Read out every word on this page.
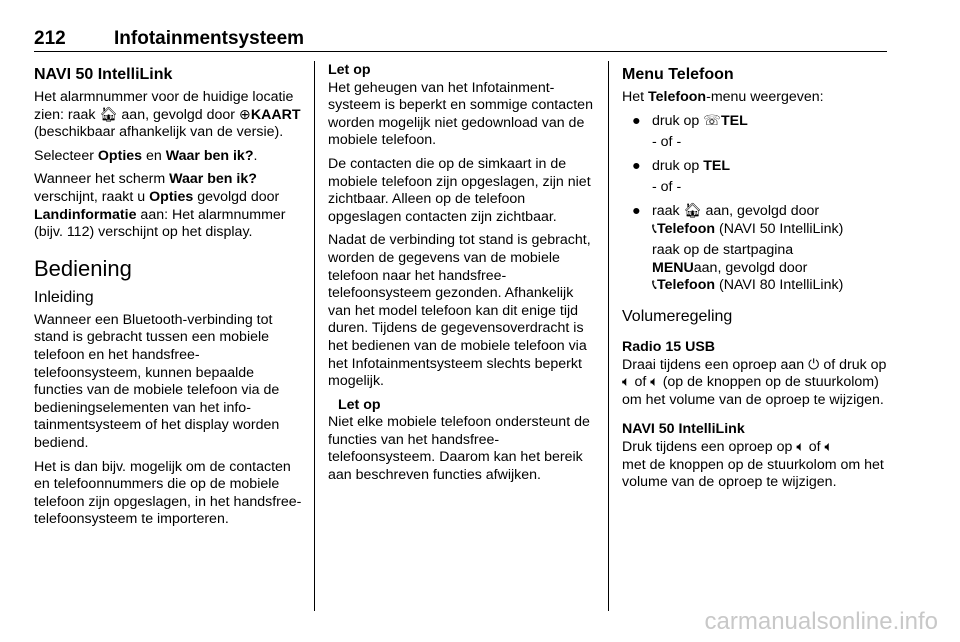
212	Infotainmentsysteem
NAVI 50 IntelliLink

Het alarmnummer voor de huidige locatie zien: raak 🏠︎ aan, gevolgd door ⊕KAART (beschikbaar afhankelijk van de versie).

Selecteer Opties en Waar ben ik?.

Wanneer het scherm Waar ben ik? verschijnt, raakt u Opties gevolgd door Landinformatie aan: Het alarmnummer (bijv. 112) verschijnt op het display.

Bediening
Inleiding

Wanneer een Bluetooth-verbinding tot stand is gebracht tussen een mobiele telefoon en het handsfree-telefoonsysteem, kunnen bepaalde functies van de mobiele telefoon via de bedieningselementen van het infotainmentsysteem of het display worden bediend.

Het is dan bijv. mogelijk om de contacten en telefoonnummers die op de mobiele telefoon zijn opgeslagen, in het handsfree-telefoonsysteem te importeren.

Let op

Het geheugen van het Infotainmentsysteem is beperkt en sommige contacten worden mogelijk niet gedownload van de mobiele telefoon.

De contacten die op de simkaart in de mobiele telefoon zijn opgeslagen, zijn niet zichtbaar. Alleen op de telefoon opgeslagen contacten zijn zichtbaar.

Nadat de verbinding tot stand is gebracht, worden de gegevens van de mobiele telefoon naar het handsfree-telefoonsysteem gezonden. Afhankelijk van het model telefoon kan dit enige tijd duren. Tijdens de gegevensoverdracht is het bedienen van de mobiele telefoon via het Infotainmentsysteem slechts beperkt mogelijk.

Let op

Niet elke mobiele telefoon ondersteunt de functies van het handsfree-telefoonsysteem. Daarom kan het bereik aan beschreven functies afwijken.

Menu Telefoon

Het Telefoon-menu weergeven:

● druk op ☏TEL

- of -

● druk op TEL

- of -

● raak 🏠︎ aan, gevolgd door
📞︎Telefoon (NAVI 50 IntelliLink)

raak op de startpagina
MENUaan, gevolgd door
📞︎Telefoon (NAVI 80 IntelliLink)

Volumeregeling
Radio 15 USB

Draai tijdens een oproep aan ⏻ of druk op 🔈︎ of 🔈︎ (op de knoppen op de stuurkolom) om het volume van de oproep te wijzigen.

NAVI 50 IntelliLink

Druk tijdens een oproep op 🔈︎ of 🔈︎
met de knoppen op de stuurkolom om het volume van de oproep te wijzigen.

carmanualsonline.info
